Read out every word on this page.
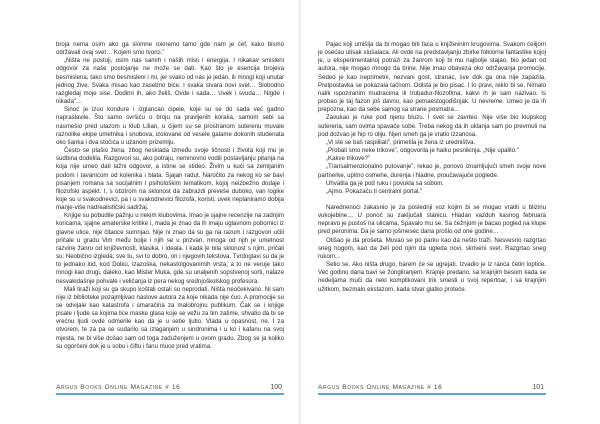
broja nema osim ako ga slomne roknemo tamo gde nam je ćef, kako bismo održavali ovaj svet… Kojem smo tvorci.”

„Ništa ne postoji, osim nas samih i naših misli i energija. I nikakav smisleni odgovor za naše postojanje ne može se dati. Kao što je esencija brojeva besmislena, tako smo besmisleni i mi, jer svako od nas je jedan, ili mnogi koji unutar jednog žive. Svaka misao kao zasebno biće. I svaka stvara novi svet… Slobodno razgledaj moje sise. Dodirni ih, ako želiš. Ovde i sada… Uvek i svuda… Nigde i nikada”…

Sinoć je izuo kondure i izglancao cipele, koje su se do sada već gadno napraslavile. Što samo svršiću o broju na pravljenih koraka, samom sebi sa nasmešio pred ulazom u klub Lilian, u čijem su se prostranom suterenu muvale raznolike ekipe umetnika i snobova, izolovane od vesele galame dokonih studenata oko šanka i dva stočića u uzanom prizemlju.

Često se plašio žena, zbog neskladа između svoje ličnosti i života koji mu je sudbina dodelila. Razgovori su, ako potraju, neminovno vodili postavljanju pitanja na koja nije umeo dati lažni odgovor, a istine se stideo. Živim u kući sa zemljanim podom i tavanicom od kolenika i blata. Sjajan radut. Naročito za nekog ko se bavi pisanjem romana sa socijalnim i psihološkim tematikom, kojoj neizbežno dodaje i filozofski aspekt. I, s obzirom na sklonost da zabrazdi preveše duboko, van logike koje su u svakodnevici, pa i u svakodnevici filozofa, koristi, uvek neplaniramo dobija manje-više nadrealističski sadržaj.

Knjige su pobudile pažnju u nekim klubovima. Imao je sjajne recenzije na zadnjim koricama, sjajne amaterske kritike i, mada je znao da ih imaju uglavnom pobornici iz glavne ulice, nije čitaoce sumnjao. Nije ni znao da su ga na razum i razgovori učili pričale u gradu Vim među bolje i njih se u prizvan, mnoga od njih je umetnost razvine žanru od književnosti, klasika, i ideala. I kada je bila sklonost s njim, pričali su: Neobično izgleda; sve tu, svi to dobro, on i njegovih tekstova. Tvrdoglavi su da je to jednako lud, kod Dolku, izazoška, nekastolgovanimih vrsta, a to ne veruje tako mnogi kao drugi, daleko, kao Mister Muka, gde su unaljenih sopstvenoj sorti, nalaze nesvakidašnje pohvale i veličanja iz pera nekog srednjoškolskog profesora.

Mali tiraži koji su ga skupo koštali ostali su neprodati. Ništa neočekivano. Ni sam nije iz biblioteke pozajmljivao naslove autora za koje nikada nije čuo. A promocije su se odvijale kao katastrofa i smaračina za malobrojnu publikum. Čak se i knjige pisale i ljude sa kojima lice maske glasa koje se vežu za tim zatime, shvatio da bi se vrećnu ljudi ovde odmerile kao da je u sebe ljutio. Vlada u opasnost, ne. I za otvoreni, te za pa se sudarilo sa izlaganjem u sindronima i u ko i kafanu na svoj mjesta, ne bi više došao sam od toga zaduženjem u ovom gradu. Zbog se ja koliko su ogorčeni dok je u sobu i čiftu i fanu muce pred vratima.

Argus Books Online Magazine # 16	100

Pajac koji umišlja da bi mogao biti faca u književnim krugovima. Svakom ćelijom je osećao utisak slušalaca. Ali ovde na predstavljanju zbirke folklorne fantastike kojoj je, u eksperimentalnoj potrazi za žanrom koji bi mu najbolje stajao, bio jedan od autora, nije mogao mnogo da brine. Nije imao obaveza oko održavanja promocije. Sedeo je kao neprimetni, nezvani gost, stranac, sve dok ga ona nije zapazila. Pretpostavka se pokazala tačnom. Odista je bio pisac. I to pravi, reklo bi se. Nimalo nalik ispoziranim mudracima ili trubadur-filozofima, kakvi ih je sam nazivao. Is probao je taj fazon još davno, kao petnaestogodišnjak. U nevreme. Umeo je da ih prepozna, kao da sebe samog sa strane posmatra…

Zavukao je ruke pod njenu bluzu. I svet se zavrteo. Nije više bio klupskog suterena, sam ovima spavaće sobe. Treba nekog da ih uklanja sam po prevrnuli na pod dozvao je hip ro oliju. Njen smeh ga je vratio izzanosa.

„Vi ste se baš raspiliiali”, primetila je žena iz uredništva.

„Probali smo neke trikove”, odgovorila je haiku pesnikinja. „Nije upalilo.”

„Kakve trikove?”

„Transalmenzionalno putovanje”, rekao je, ponovo iznamljujući smeh svoje nove partnerke, upitno osmehe, durenja i hladne, proučavajuće poglede.

Uhvatila ga je pod ruku i povukla sa sobom.

„Ajmo. Pokazaću ti centralni portal.”

Narednenoći zakasnio je za poslednji voz kojim bi se mogao vratiti u blizinu vukojebine… U ponoć su zaključali stanicu. Hladan vazduh kasnog februara nepravo je pustoš na ulicama. Spavalo mu se. Sa čežnjom je bacao pogled na klupe pred peronima. Da je samo jošmesec dana prošlo od one godine…

Otišao je da prošeta. Muvao se po parku kao da nešto traži. Nesvesno razgrtao sneg nogom, kao da želi pod njim da ugleda novi, skriveni svet. Razgrtao sneg rukom…

Setio se. Ako ništa drugo, barem će se ugrejati. Izvadio je iz ranca četiri loptice. Već godinu dana bavi se žongliranjem. Krajnje predano, sa krajnjim besom kada se nedeljama muči da neki komplikovani trik smesti u svoj repertoar, i sa krajnjim užitkom, bezmalo ekstazom, kada stvar glatko proteče.

Argus Books Online Magazine # 16	101
